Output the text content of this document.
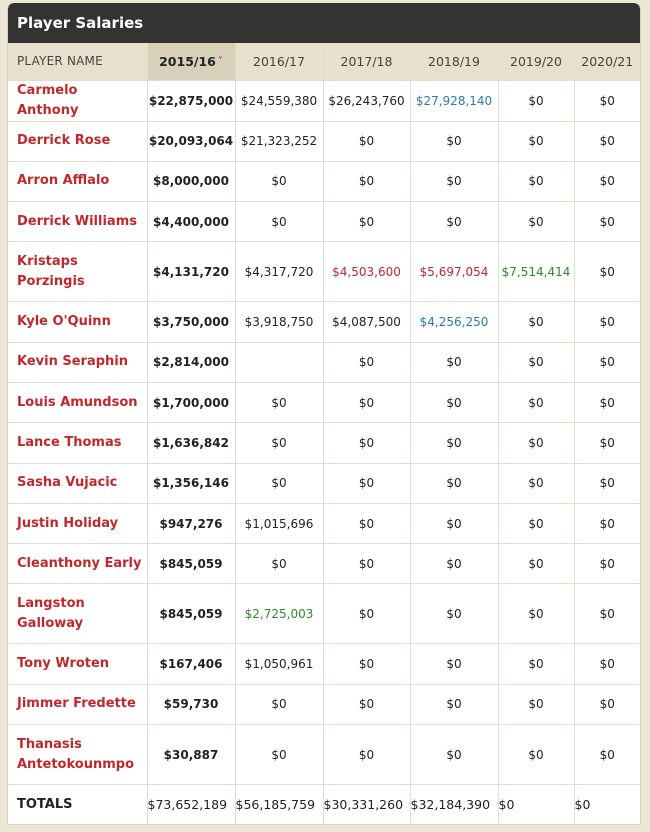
Player Salaries
PLAYER NAME	2015/16 ˅	2016/17	2017/18	2018/19	2019/20	2020/21
Carmelo Anthony	$22,875,000	$24,559,380	$26,243,760	$27,928,140	$0	$0
Derrick Rose	$20,093,064	$21,323,252	$0	$0	$0	$0
Arron Afflalo	$8,000,000	$0	$0	$0	$0	$0
Derrick Williams	$4,400,000	$0	$0	$0	$0	$0
Kristaps Porzingis	$4,131,720	$4,317,720	$4,503,600	$5,697,054	$7,514,414	$0
Kyle O'Quinn	$3,750,000	$3,918,750	$4,087,500	$4,256,250	$0	$0
Kevin Seraphin	$2,814,000		$0	$0	$0	$0
Louis Amundson	$1,700,000	$0	$0	$0	$0	$0
Lance Thomas	$1,636,842	$0	$0	$0	$0	$0
Sasha Vujacic	$1,356,146	$0	$0	$0	$0	$0
Justin Holiday	$947,276	$1,015,696	$0	$0	$0	$0
Cleanthony Early	$845,059	$0	$0	$0	$0	$0
Langston Galloway	$845,059	$2,725,003	$0	$0	$0	$0
Tony Wroten	$167,406	$1,050,961	$0	$0	$0	$0
Jimmer Fredette	$59,730	$0	$0	$0	$0	$0
Thanasis Antetokounmpo	$30,887	$0	$0	$0	$0	$0
TOTALS	$73,652,189	$56,185,759	$30,331,260	$32,184,390	$0	$0
